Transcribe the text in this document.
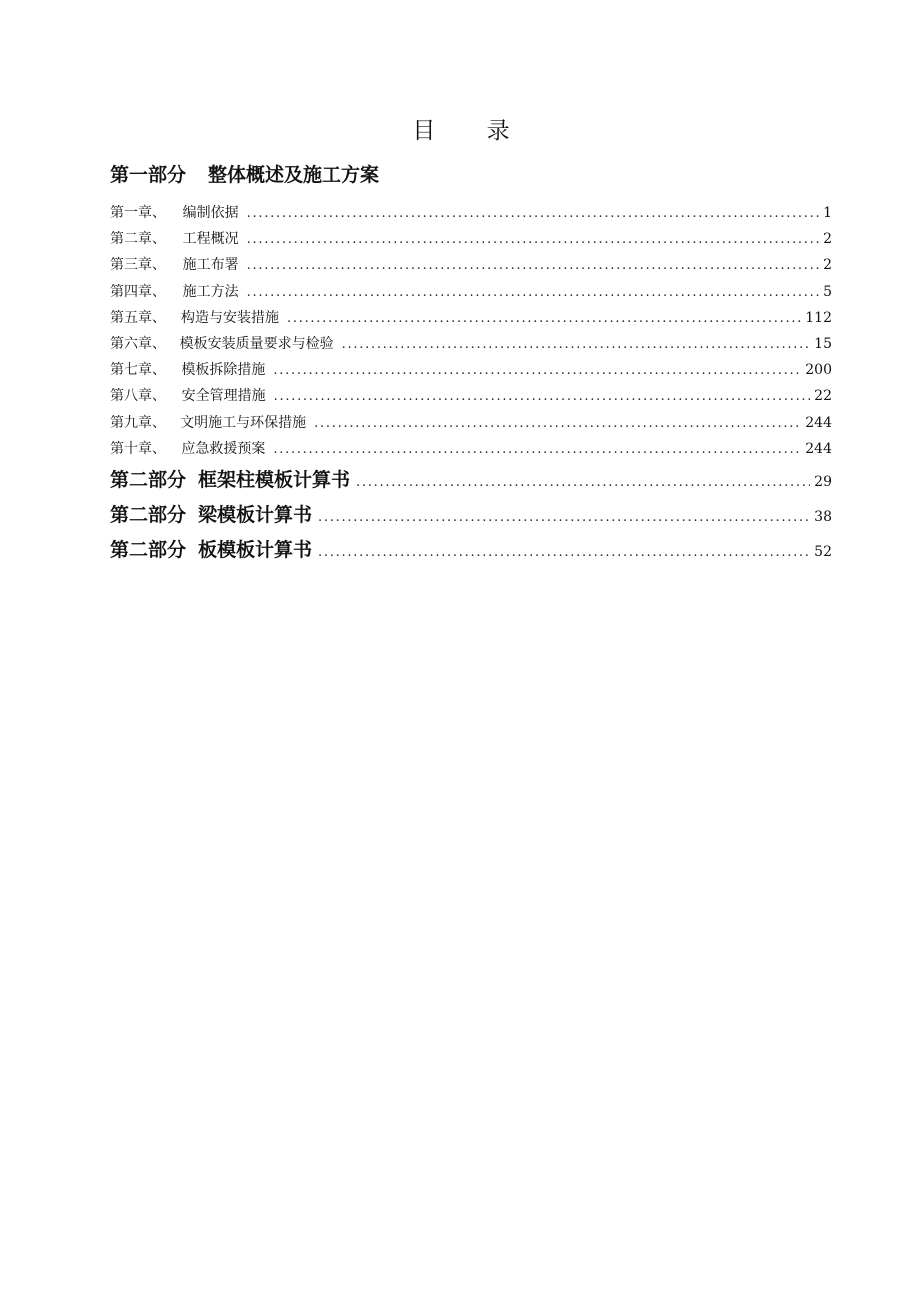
目 录
第一部分 整体概述及施工方案
第一章、 编制依据 . . .	1
第二章、 工程概况 . . .	2
第三章、 施工布署 . . .	2
第四章、 施工方法 . . .	5
第五章、 构造与安装措施 . . .	112
第六章、 模板安装质量要求与检验 . . .	15
第七章、 模板拆除措施 . . .	200
第八章、 安全管理措施 . . .	22
第九章、 文明施工与环保措施 . . .	244
第十章、 应急救援预案 . . .	244
第二部分 框架柱模板计算书 . . .	29
第二部分 梁模板计算书 . . .	38
第二部分 板模板计算书 . . .	52
